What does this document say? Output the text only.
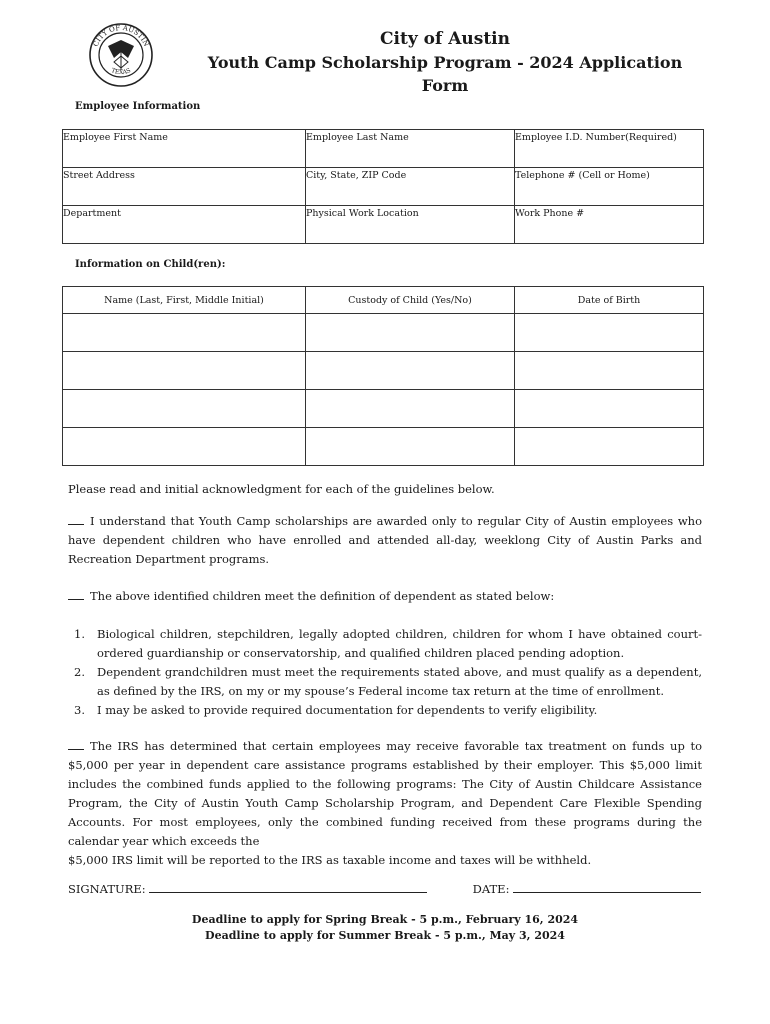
CITY OF AUSTIN
TEXAS
City of Austin
Youth Camp Scholarship Program - 2024 Application Form
Employee Information
Employee First Name	Employee Last Name	Employee I.D. Number(Required)

Street Address	City, State, ZIP Code	Telephone # (Cell or Home)

Department	Physical Work Location	Work Phone #
Information on Child(ren):
Name (Last, First, Middle Initial)	Custody of Child (Yes/No)	Date of Birth

Please read and initial acknowledgment for each of the guidelines below.

I understand that Youth Camp scholarships are awarded only to regular City of Austin employees who have dependent children who have enrolled and attended all-day, weeklong City of Austin Parks and Recreation Department programs.

The above identified children meet the definition of dependent as stated below:

1. Biological children, stepchildren, legally adopted children, children for whom I have obtained court-ordered guardianship or conservatorship, and qualified children placed pending adoption.
2. Dependent grandchildren must meet the requirements stated above, and must qualify as a dependent, as defined by the IRS, on my or my spouse’s Federal income tax return at the time of enrollment.
3. I may be asked to provide required documentation for dependents to verify eligibility.

The IRS has determined that certain employees may receive favorable tax treatment on funds up to $5,000 per year in dependent care assistance programs established by their employer. This $5,000 limit includes the combined funds applied to the following programs: The City of Austin Childcare Assistance Program, the City of Austin Youth Camp Scholarship Program, and Dependent Care Flexible Spending Accounts. For most employees, only the combined funding received from these programs during the calendar year which exceeds the

$5,000 IRS limit will be reported to the IRS as taxable income and taxes will be withheld.

SIGNATURE:	DATE:
Deadline to apply for Spring Break - 5 p.m., February 16, 2024
Deadline to apply for Summer Break - 5 p.m., May 3, 2024
